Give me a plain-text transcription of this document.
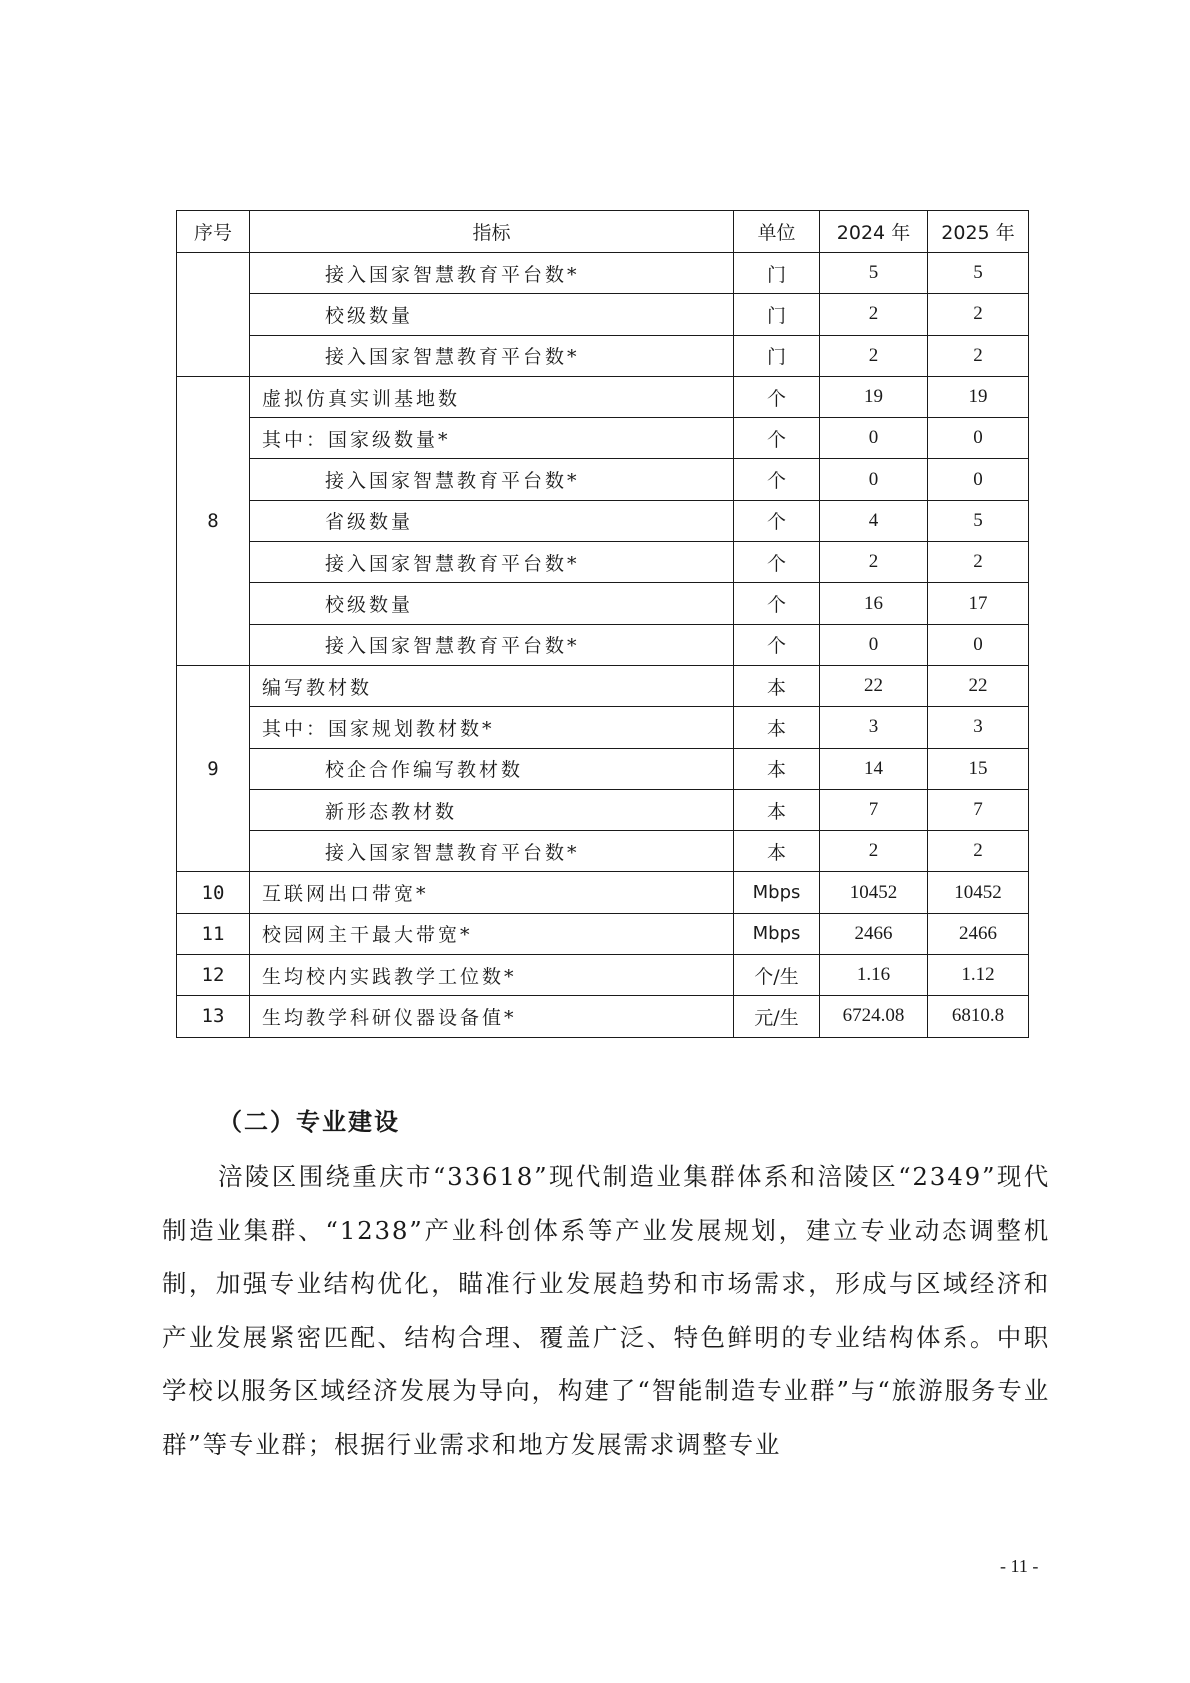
序号	指标	单位	2024 年	2025 年
	接入国家智慧教育平台数*	门	5	5
	校级数量	门	2	2
	接入国家智慧教育平台数*	门	2	2
8	虚拟仿真实训基地数	个	19	19
	其中：国家级数量*	个	0	0
	接入国家智慧教育平台数*	个	0	0
	省级数量	个	4	5
	接入国家智慧教育平台数*	个	2	2
	校级数量	个	16	17
	接入国家智慧教育平台数*	个	0	0
9	编写教材数	本	22	22
	其中：国家规划教材数*	本	3	3
	校企合作编写教材数	本	14	15
	新形态教材数	本	7	7
	接入国家智慧教育平台数*	本	2	2
10	互联网出口带宽*	Mbps	10452	10452
11	校园网主干最大带宽*	Mbps	2466	2466
12	生均校内实践教学工位数*	个/生	1.16	1.12
13	生均教学科研仪器设备值*	元/生	6724.08	6810.8
（二）专业建设

涪陵区围绕重庆市“33618”现代制造业集群体系和涪陵区“2349”现代制造业集群、“1238”产业科创体系等产业发展规划，建立专业动态调整机制，加强专业结构优化，瞄准行业发展趋势和市场需求，形成与区域经济和产业发展紧密匹配、结构合理、覆盖广泛、特色鲜明的专业结构体系。中职学校以服务区域经济发展为导向，构建了“智能制造专业群”与“旅游服务专业群”等专业群；根据行业需求和地方发展需求调整专业

- 11 -
